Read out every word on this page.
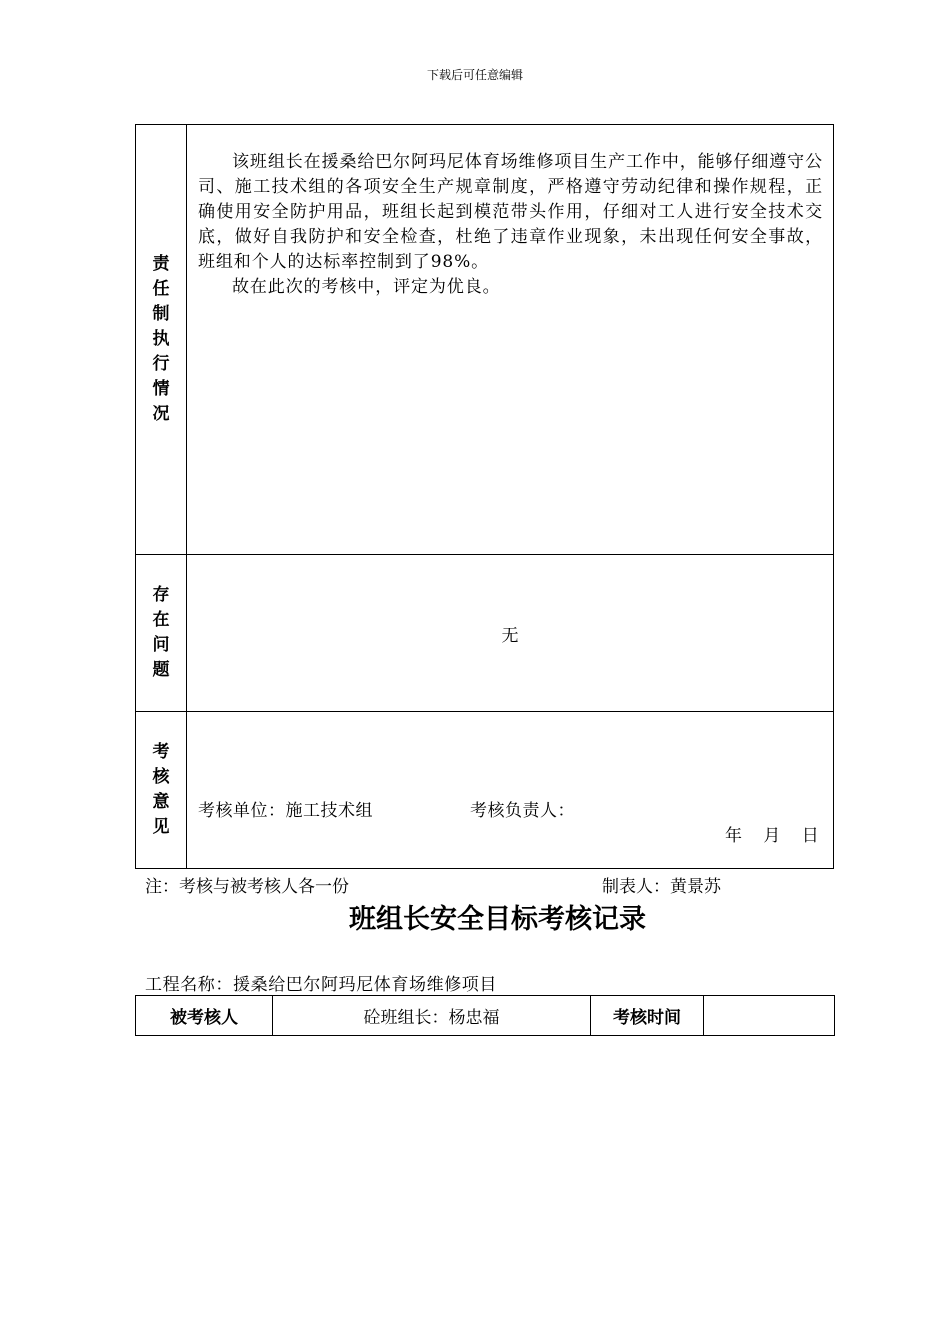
下载后可任意编辑
责任制执行情况	该班组长在援桑给巴尔阿玛尼体育场维修项目生产工作中，能够仔细遵守公司、施工技术组的各项安全生产规章制度，严格遵守劳动纪律和操作规程，正确使用安全防护用品，班组长起到模范带头作用，仔细对工人进行安全技术交底，做好自我防护和安全检查，杜绝了违章作业现象，未出现任何安全事故，班组和个人的达标率控制到了98%。

故在此次的考核中，评定为优良。

存在问题	无
考核意见	考核单位：施工技术组 考核负责人：
年 月 日
注：考核与被考核人各一份	制表人：黄景苏
班组长安全目标考核记录
工程名称：援桑给巴尔阿玛尼体育场维修项目
被考核人	砼班组长：杨忠福	考核时间	
